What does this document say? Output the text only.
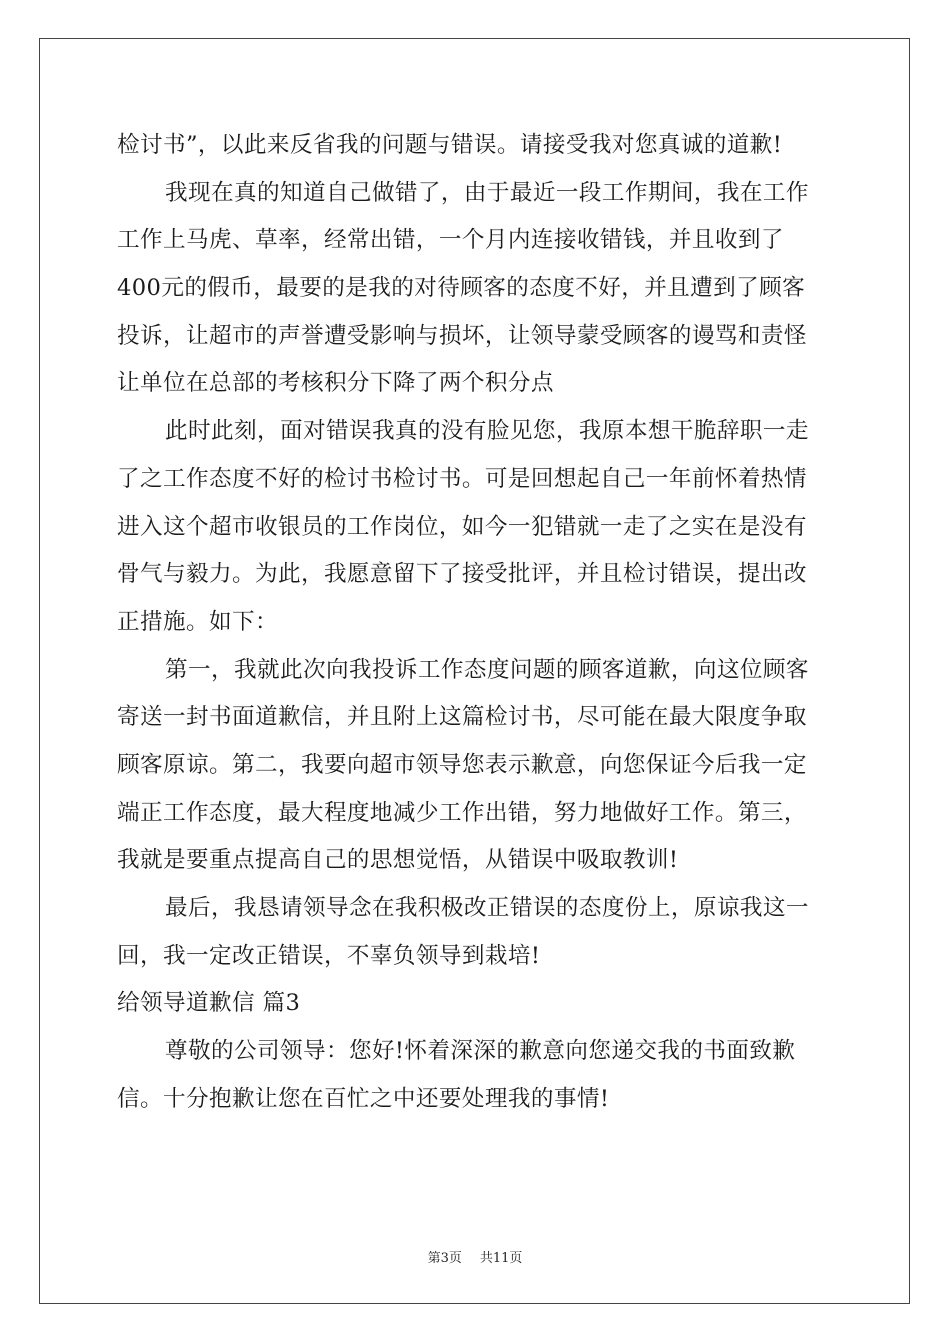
检讨书”，以此来反省我的问题与错误。请接受我对您真诚的道歉!
我现在真的知道自己做错了，由于最近一段工作期间，我在工作
工作上马虎、草率，经常出错，一个月内连接收错钱，并且收到了
400元的假币，最要的是我的对待顾客的态度不好，并且遭到了顾客
投诉，让超市的声誉遭受影响与损坏，让领导蒙受顾客的谩骂和责怪
让单位在总部的考核积分下降了两个积分点
此时此刻，面对错误我真的没有脸见您，我原本想干脆辞职一走
了之工作态度不好的检讨书检讨书。可是回想起自己一年前怀着热情
进入这个超市收银员的工作岗位，如今一犯错就一走了之实在是没有
骨气与毅力。为此，我愿意留下了接受批评，并且检讨错误，提出改
正措施。如下：
第一，我就此次向我投诉工作态度问题的顾客道歉，向这位顾客
寄送一封书面道歉信，并且附上这篇检讨书，尽可能在最大限度争取
顾客原谅。第二，我要向超市领导您表示歉意，向您保证今后我一定
端正工作态度，最大程度地减少工作出错，努力地做好工作。第三，
我就是要重点提高自己的思想觉悟，从错误中吸取教训!
最后，我恳请领导念在我积极改正错误的态度份上，原谅我这一
回，我一定改正错误，不辜负领导到栽培!
给领导道歉信 篇3
尊敬的公司领导：您好!怀着深深的歉意向您递交我的书面致歉
信。十分抱歉让您在百忙之中还要处理我的事情!
第3页 共11页
